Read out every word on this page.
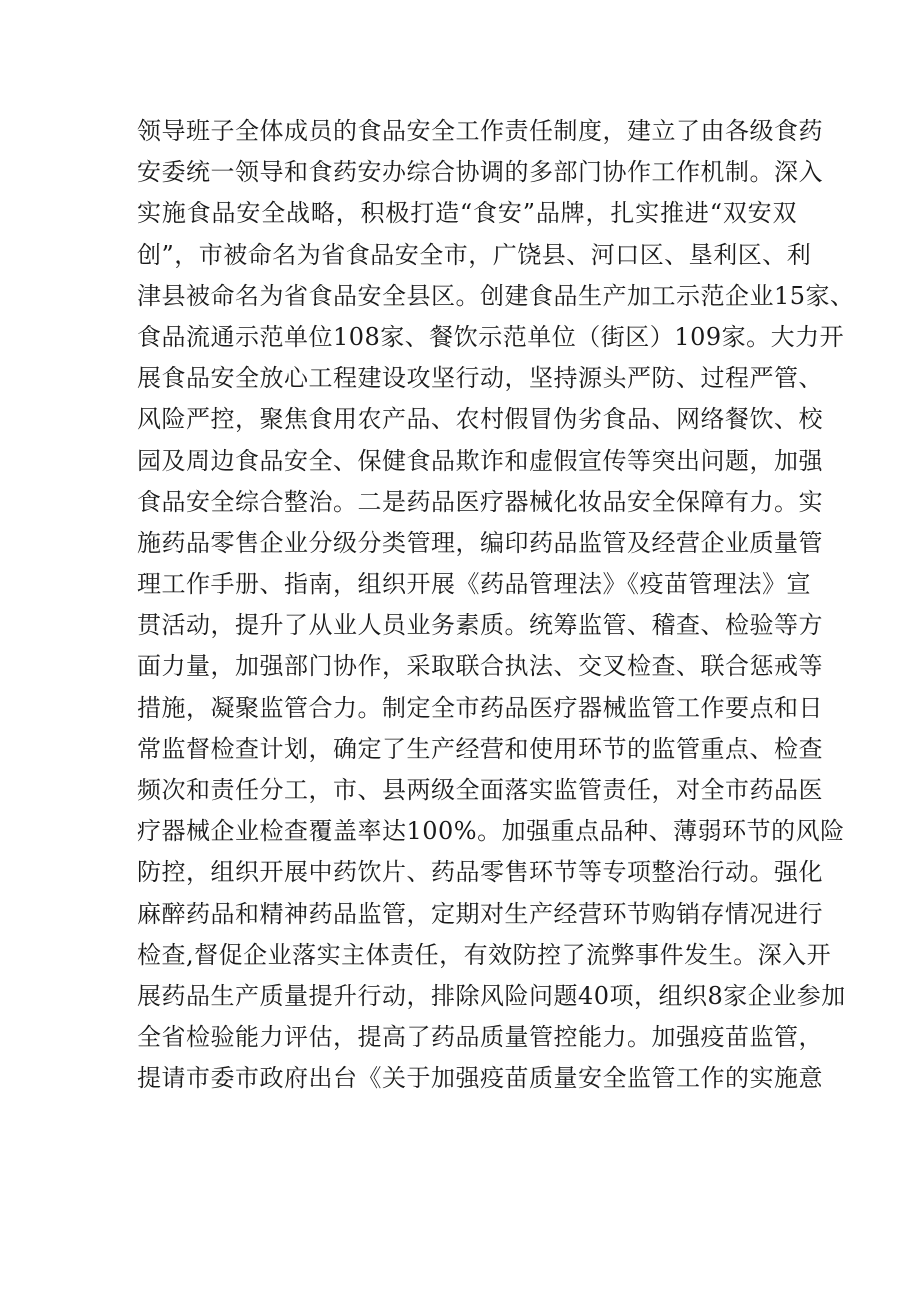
领导班子全体成员的食品安全工作责任制度，建立了由各级食药
安委统一领导和食药安办综合协调的多部门协作工作机制。深入
实施食品安全战略，积极打造“食安”品牌，扎实推进“双安双
创”，市被命名为省食品安全市，广饶县、河口区、垦利区、利
津县被命名为省食品安全县区。创建食品生产加工示范企业15家、
食品流通示范单位108家、餐饮示范单位（街区）109家。大力开
展食品安全放心工程建设攻坚行动，坚持源头严防、过程严管、
风险严控，聚焦食用农产品、农村假冒伪劣食品、网络餐饮、校
园及周边食品安全、保健食品欺诈和虚假宣传等突出问题，加强
食品安全综合整治。二是药品医疗器械化妆品安全保障有力。实
施药品零售企业分级分类管理，编印药品监管及经营企业质量管
理工作手册、指南，组织开展《药品管理法》《疫苗管理法》宣
贯活动，提升了从业人员业务素质。统筹监管、稽查、检验等方
面力量，加强部门协作，采取联合执法、交叉检查、联合惩戒等
措施，凝聚监管合力。制定全市药品医疗器械监管工作要点和日
常监督检查计划，确定了生产经营和使用环节的监管重点、检查
频次和责任分工，市、县两级全面落实监管责任，对全市药品医
疗器械企业检查覆盖率达100%。加强重点品种、薄弱环节的风险
防控，组织开展中药饮片、药品零售环节等专项整治行动。强化
麻醉药品和精神药品监管，定期对生产经营环节购销存情况进行
检查,督促企业落实主体责任，有效防控了流弊事件发生。深入开
展药品生产质量提升行动，排除风险问题40项，组织8家企业参加
全省检验能力评估，提高了药品质量管控能力。加强疫苗监管，
提请市委市政府出台《关于加强疫苗质量安全监管工作的实施意
